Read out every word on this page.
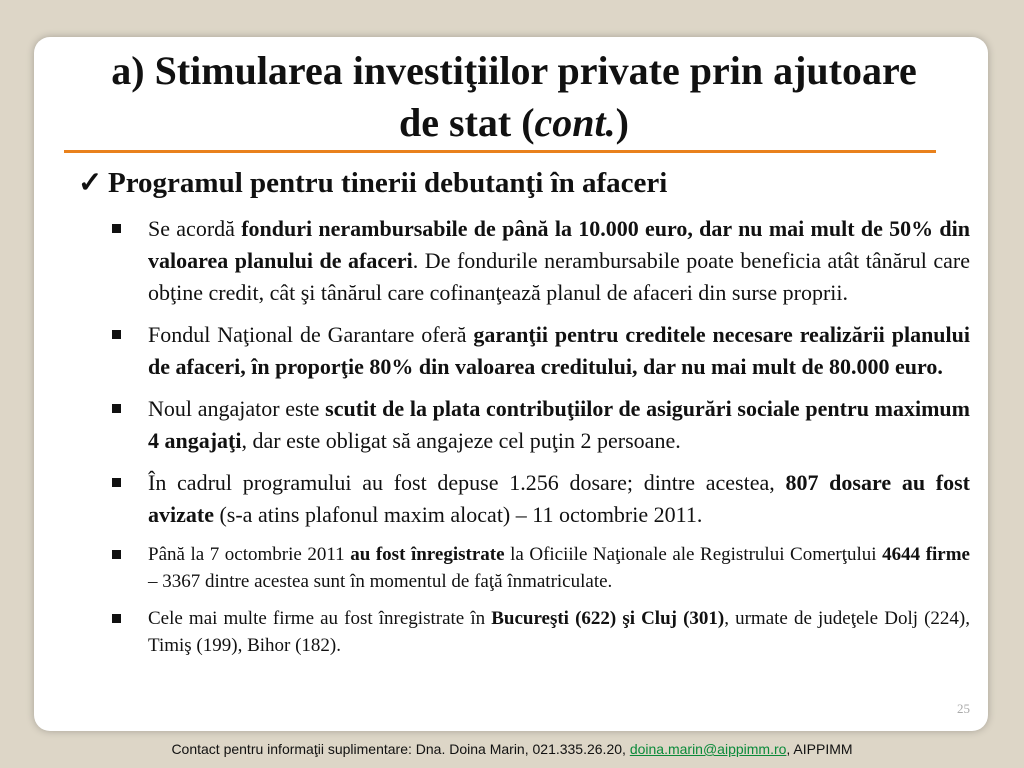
a) Stimularea investiţiilor private prin ajutoare
de stat (cont.)
✓ Programul pentru tinerii debutanţi în afaceri
Se acordă fonduri nerambursabile de până la 10.000 euro, dar nu mai mult de 50% din valoarea planului de afaceri. De fondurile nerambursabile poate beneficia atât tânărul care obţine credit, cât şi tânărul care cofinanţează planul de afaceri din surse proprii.
Fondul Naţional de Garantare oferă garanţii pentru creditele necesare realizării planului de afaceri, în proporţie 80% din valoarea creditului, dar nu mai mult de 80.000 euro.
Noul angajator este scutit de la plata contribuţiilor de asigurări sociale pentru maximum 4 angajaţi, dar este obligat să angajeze cel puţin 2 persoane.
În cadrul programului au fost depuse 1.256 dosare; dintre acestea, 807 dosare au fost avizate (s-a atins plafonul maxim alocat) – 11 octombrie 2011.
Până la 7 octombrie 2011 au fost înregistrate la Oficiile Naţionale ale Registrului Comerţului 4644 firme – 3367 dintre acestea sunt în momentul de faţă înmatriculate.
Cele mai multe firme au fost înregistrate în Bucureşti (622) şi Cluj (301), urmate de judeţele Dolj (224), Timiş (199), Bihor (182).
25
Contact pentru informaţii suplimentare: Dna. Doina Marin, 021.335.26.20, doina.marin@aippimm.ro, AIPPIMM
